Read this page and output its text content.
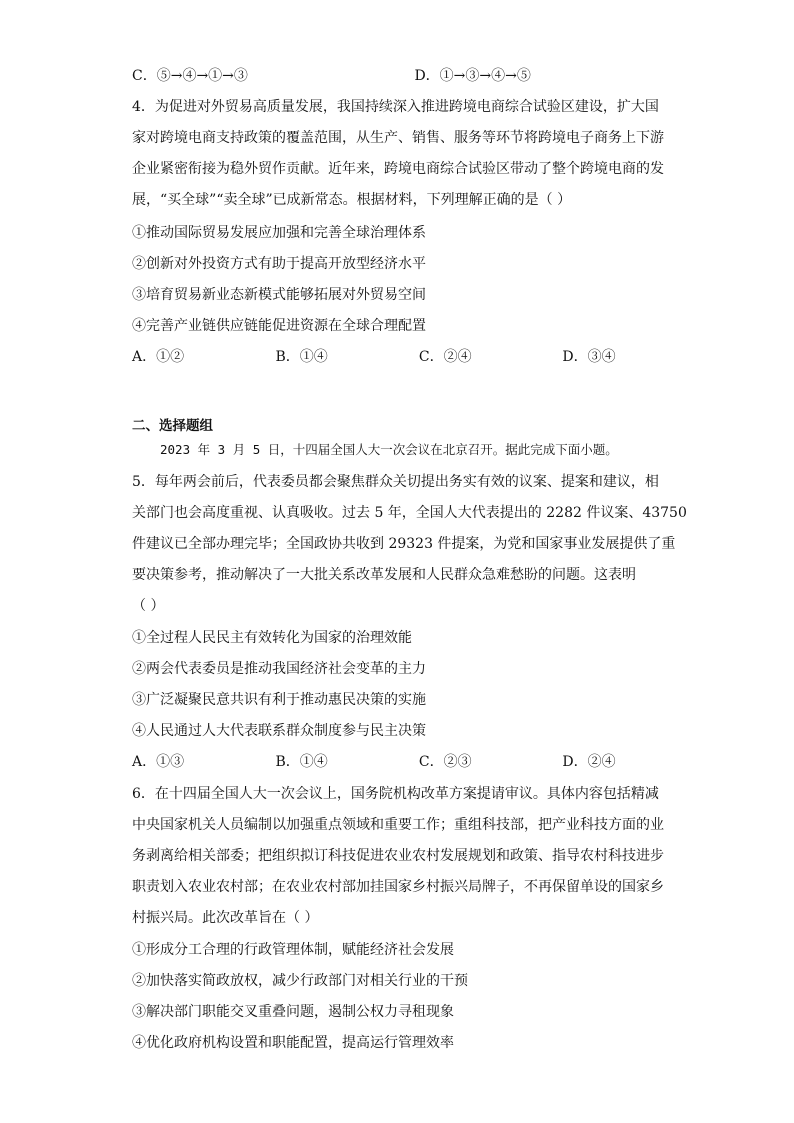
C．⑤→④→①→③	D．①→③→④→⑤
4．为促进对外贸易高质量发展，我国持续深入推进跨境电商综合试验区建设，扩大国
家对跨境电商支持政策的覆盖范围，从生产、销售、服务等环节将跨境电子商务上下游
企业紧密衔接为稳外贸作贡献。近年来，跨境电商综合试验区带动了整个跨境电商的发
展，“买全球”“卖全球”已成新常态。根据材料，下列理解正确的是（ ）
①推动国际贸易发展应加强和完善全球治理体系
②创新对外投资方式有助于提高开放型经济水平
③培育贸易新业态新模式能够拓展对外贸易空间
④完善产业链供应链能促进资源在全球合理配置
A．①②	B．①④	C．②④	D．③④
二、选择题组
2023 年 3 月 5 日，十四届全国人大一次会议在北京召开。据此完成下面小题。
5．每年两会前后，代表委员都会聚焦群众关切提出务实有效的议案、提案和建议，相
关部门也会高度重视、认真吸收。过去 5 年，全国人大代表提出的 2282 件议案、43750
件建议已全部办理完毕；全国政协共收到 29323 件提案，为党和国家事业发展提供了重
要决策参考，推动解决了一大批关系改革发展和人民群众急难愁盼的问题。这表明
（ ）
①全过程人民民主有效转化为国家的治理效能
②两会代表委员是推动我国经济社会变革的主力
③广泛凝聚民意共识有利于推动惠民决策的实施
④人民通过人大代表联系群众制度参与民主决策
A．①③	B．①④	C．②③	D．②④
6．在十四届全国人大一次会议上，国务院机构改革方案提请审议。具体内容包括精减
中央国家机关人员编制以加强重点领域和重要工作；重组科技部，把产业科技方面的业
务剥离给相关部委；把组织拟订科技促进农业农村发展规划和政策、指导农村科技进步
职责划入农业农村部；在农业农村部加挂国家乡村振兴局牌子，不再保留单设的国家乡
村振兴局。此次改革旨在（ ）
①形成分工合理的行政管理体制，赋能经济社会发展
②加快落实简政放权，减少行政部门对相关行业的干预
③解决部门职能交叉重叠问题，遏制公权力寻租现象
④优化政府机构设置和职能配置，提高运行管理效率
